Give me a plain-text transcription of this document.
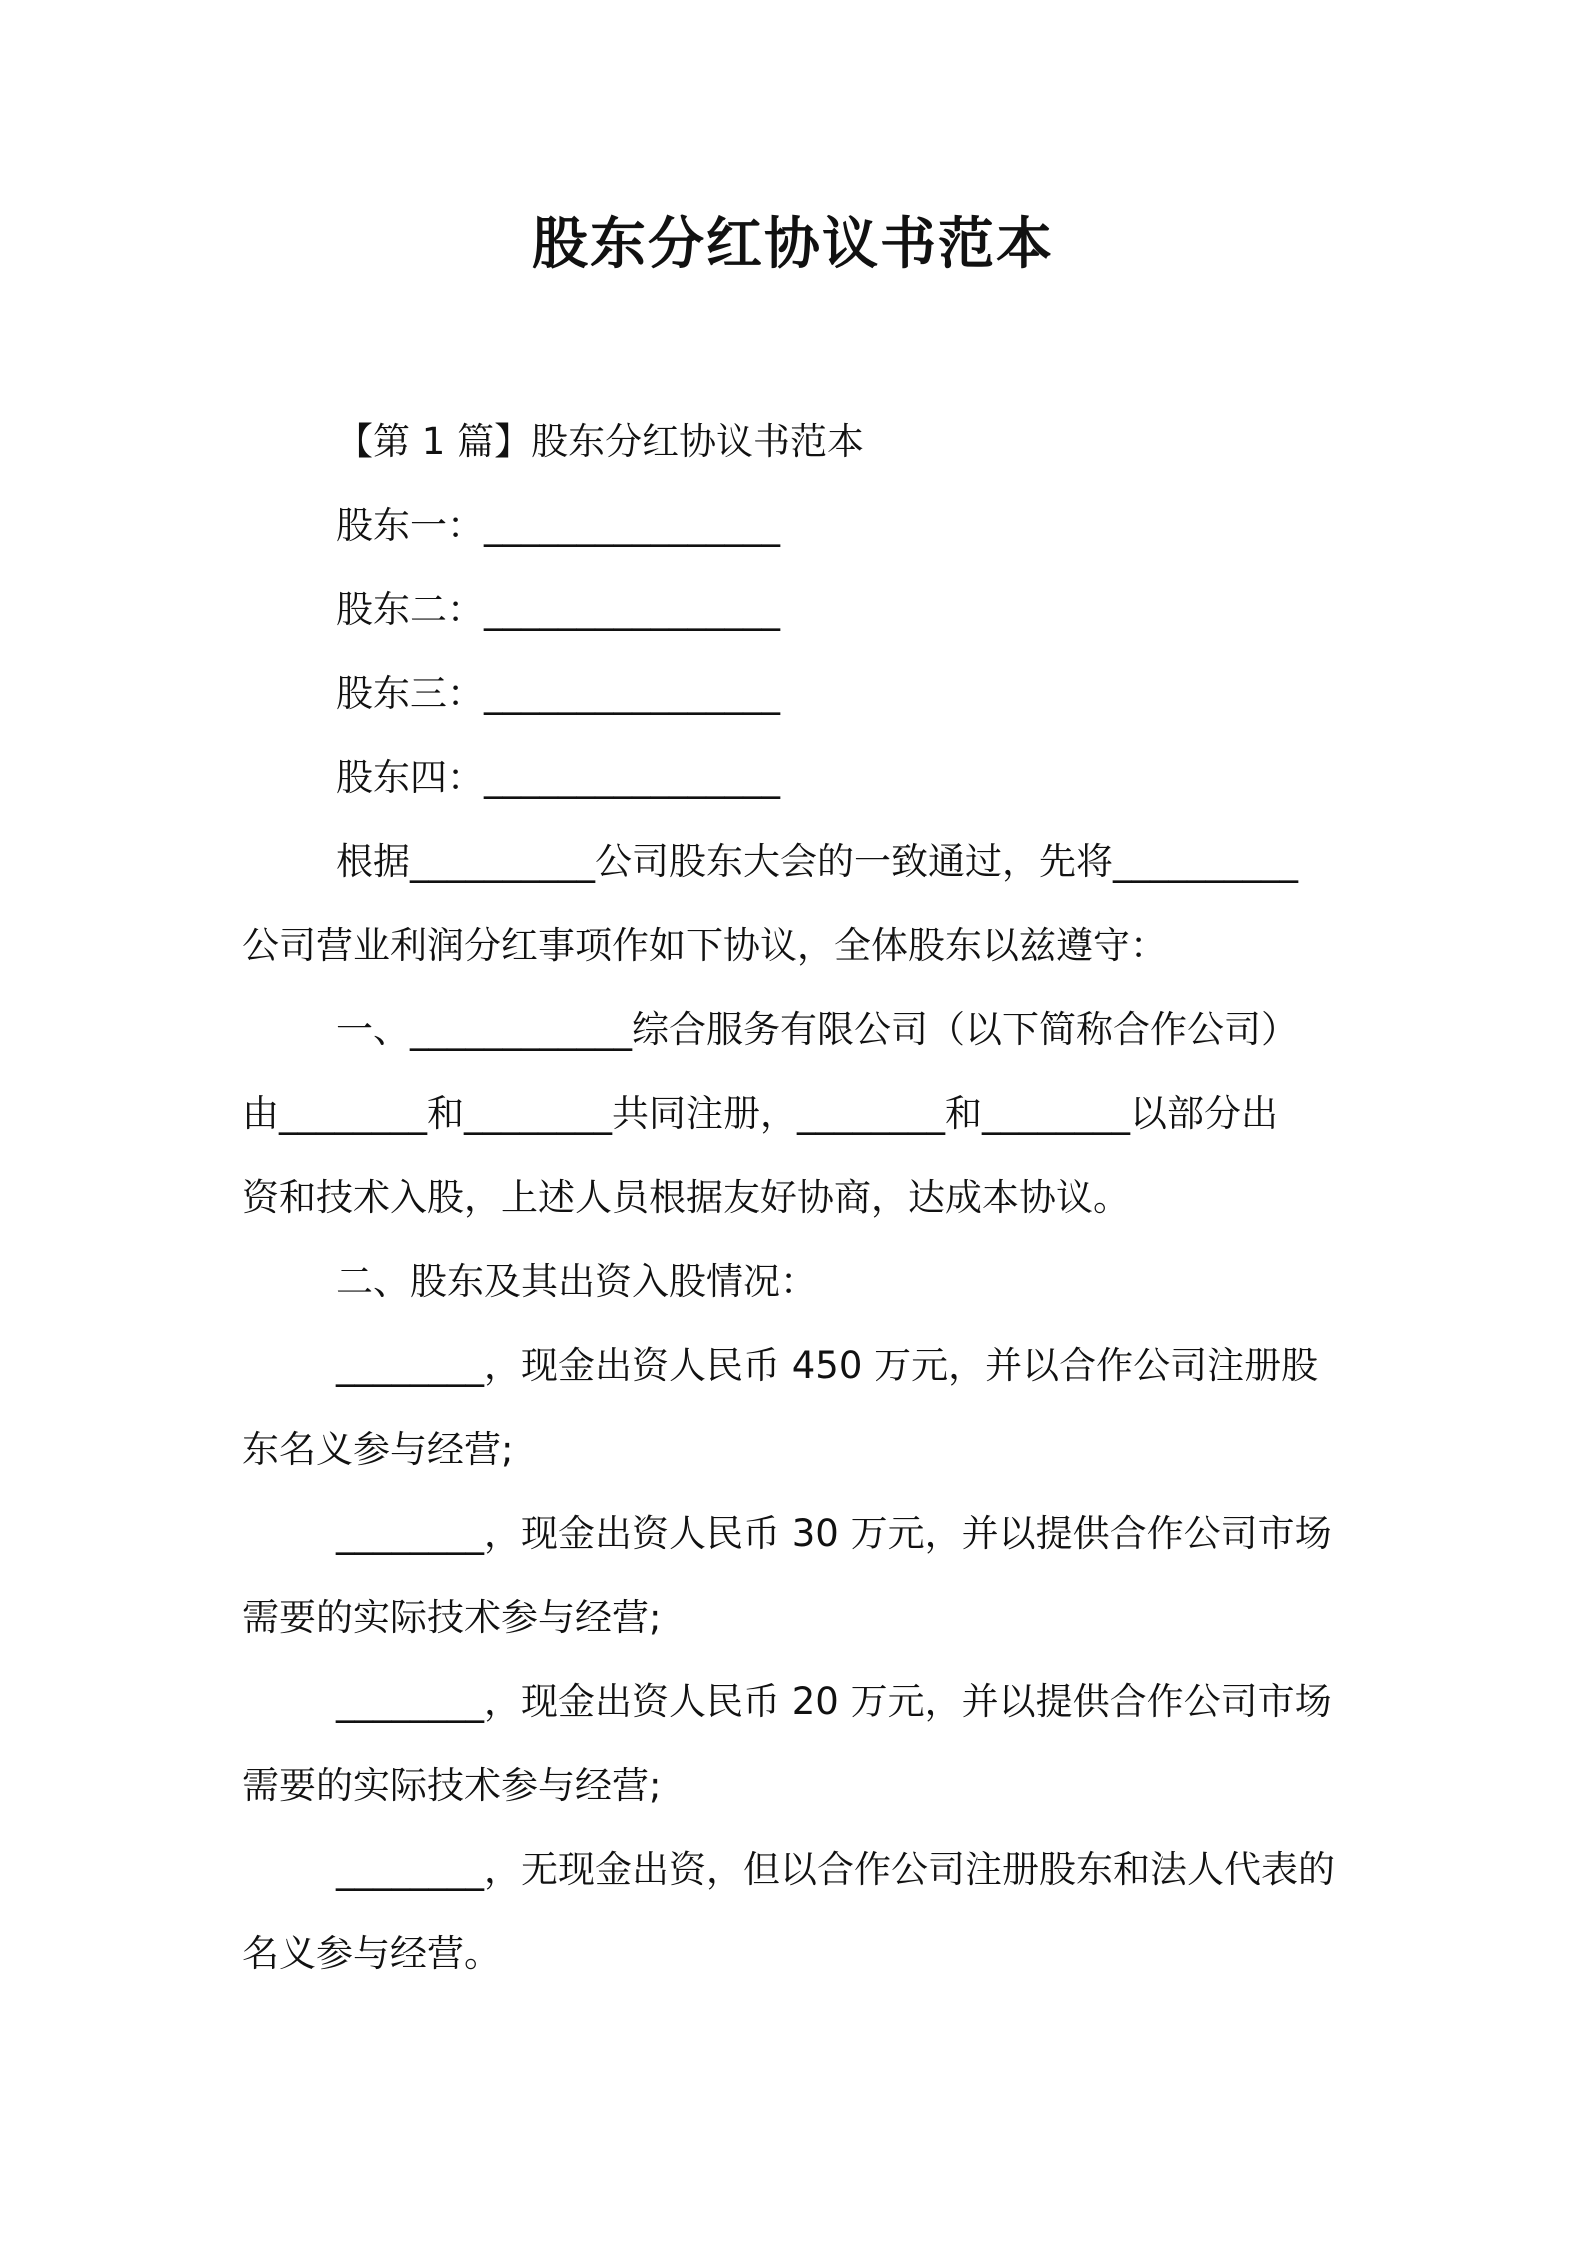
股东分红协议书范本
【第 1 篇】股东分红协议书范本
股东一：________________
股东二：________________
股东三：________________
股东四：________________
根据__________公司股东大会的一致通过，先将__________
公司营业利润分红事项作如下协议，全体股东以兹遵守：
一、____________综合服务有限公司（以下简称合作公司）
由________和________共同注册，________和________以部分出
资和技术入股，上述人员根据友好协商，达成本协议。
二、股东及其出资入股情况：
________，现金出资人民币 450 万元，并以合作公司注册股
东名义参与经营;
________，现金出资人民币 30 万元，并以提供合作公司市场
需要的实际技术参与经营;
________，现金出资人民币 20 万元，并以提供合作公司市场
需要的实际技术参与经营;
________，无现金出资，但以合作公司注册股东和法人代表的
名义参与经营。
